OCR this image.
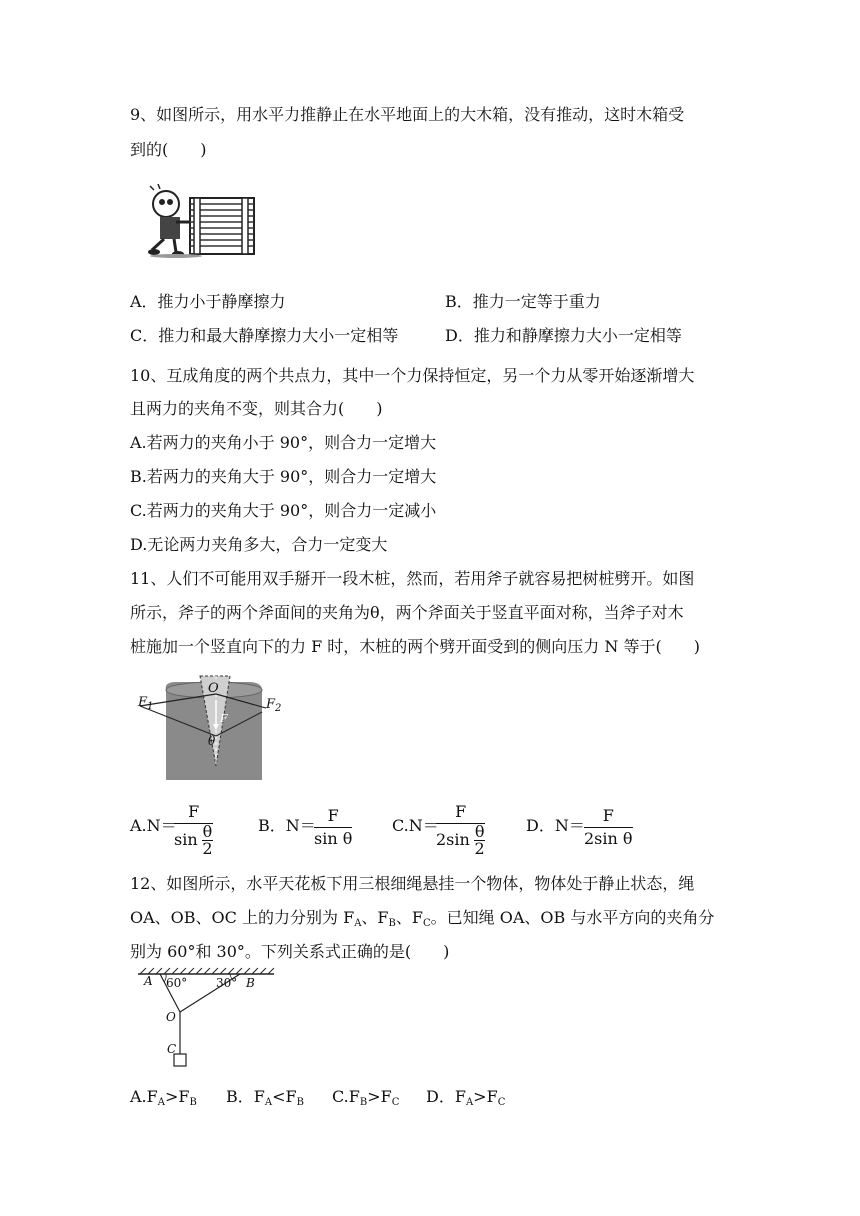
9、如图所示，用水平力推静止在水平地面上的大木箱，没有推动，这时木箱受
到的(　　)
A．推力小于静摩擦力	B．推力一定等于重力
C．推力和最大静摩擦力大小一定相等	D．推力和静摩擦力大小一定相等
10、互成角度的两个共点力，其中一个力保持恒定，另一个力从零开始逐渐增大
且两力的夹角不变，则其合力(　　)
A.若两力的夹角小于 90°，则合力一定增大
B.若两力的夹角大于 90°，则合力一定增大
C.若两力的夹角大于 90°，则合力一定减小
D.无论两力夹角多大，合力一定变大
11、人们不可能用双手掰开一段木桩，然而，若用斧子就容易把树桩劈开。如图
所示，斧子的两个斧面间的夹角为θ，两个斧面关于竖直平面对称，当斧子对木
桩施加一个竖直向下的力 F 时，木桩的两个劈开面受到的侧向压力 N 等于(　　)
$F_1$	$F_2$
O
F
θ
A.N＝
$\frac{F}{\sin \frac{\theta}{2}}$	B．N＝
$\frac{F}{\text{sin θ}} C.N=$
$\frac{F}{2\sin \frac{\theta}{2}}$	D．$N= \frac{F}{\text{2sin θ}}$
12、如图所示，水平天花板下用三根细绳悬挂一个物体，物体处于静止状态，绳
OA、OB、OC 上的力分别为 $F_A$、$F_B$、$F_C$。已知绳 OA、OB 与水平方向的夹角分
别为 60°和 30°。下列关系式正确的是(　　)
A 60° 30° B
O
C
$A.F_A>F_B$ B．$F_A<F_B$ $C.F_B>F_C$ D．$F_A>F_C$
